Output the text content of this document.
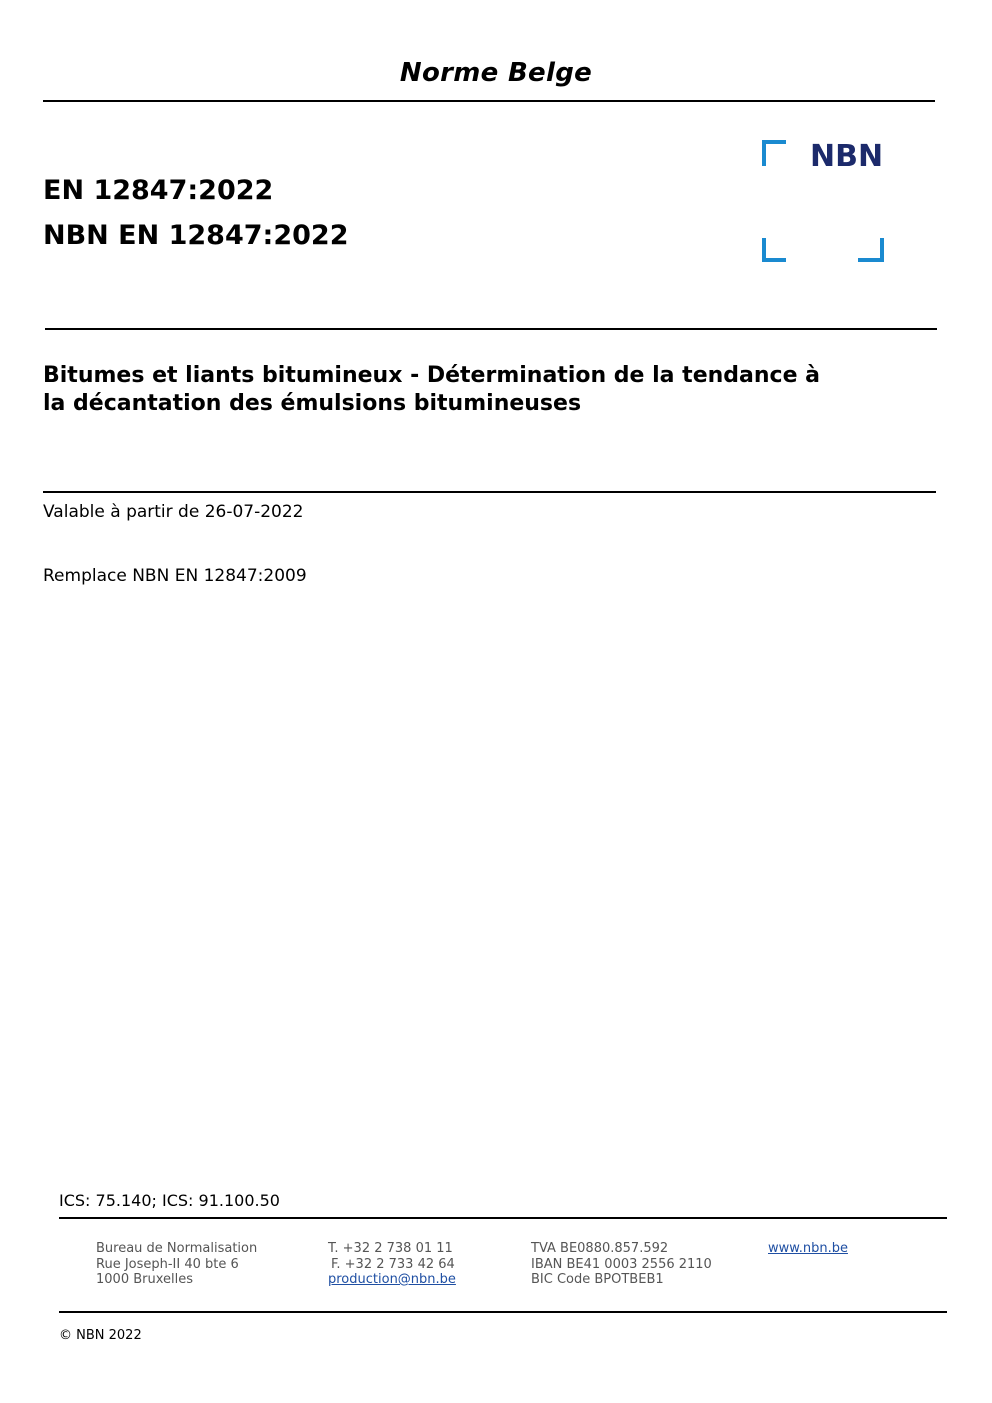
Norme Belge
EN 12847:2022
NBN EN 12847:2022
NBN
Bitumes et liants bitumineux - Détermination de la tendance à
la décantation des émulsions bitumineuses
Valable à partir de 26-07-2022
Remplace NBN EN 12847:2009
ICS: 75.140; ICS: 91.100.50
Bureau de Normalisation
Rue Joseph-II 40 bte 6
1000 Bruxelles
T. +32 2 738 01 11
F. +32 2 733 42 64
production@nbn.be
TVA BE0880.857.592
IBAN BE41 0003 2556 2110
BIC Code BPOTBEB1
www.nbn.be
© NBN 2022
